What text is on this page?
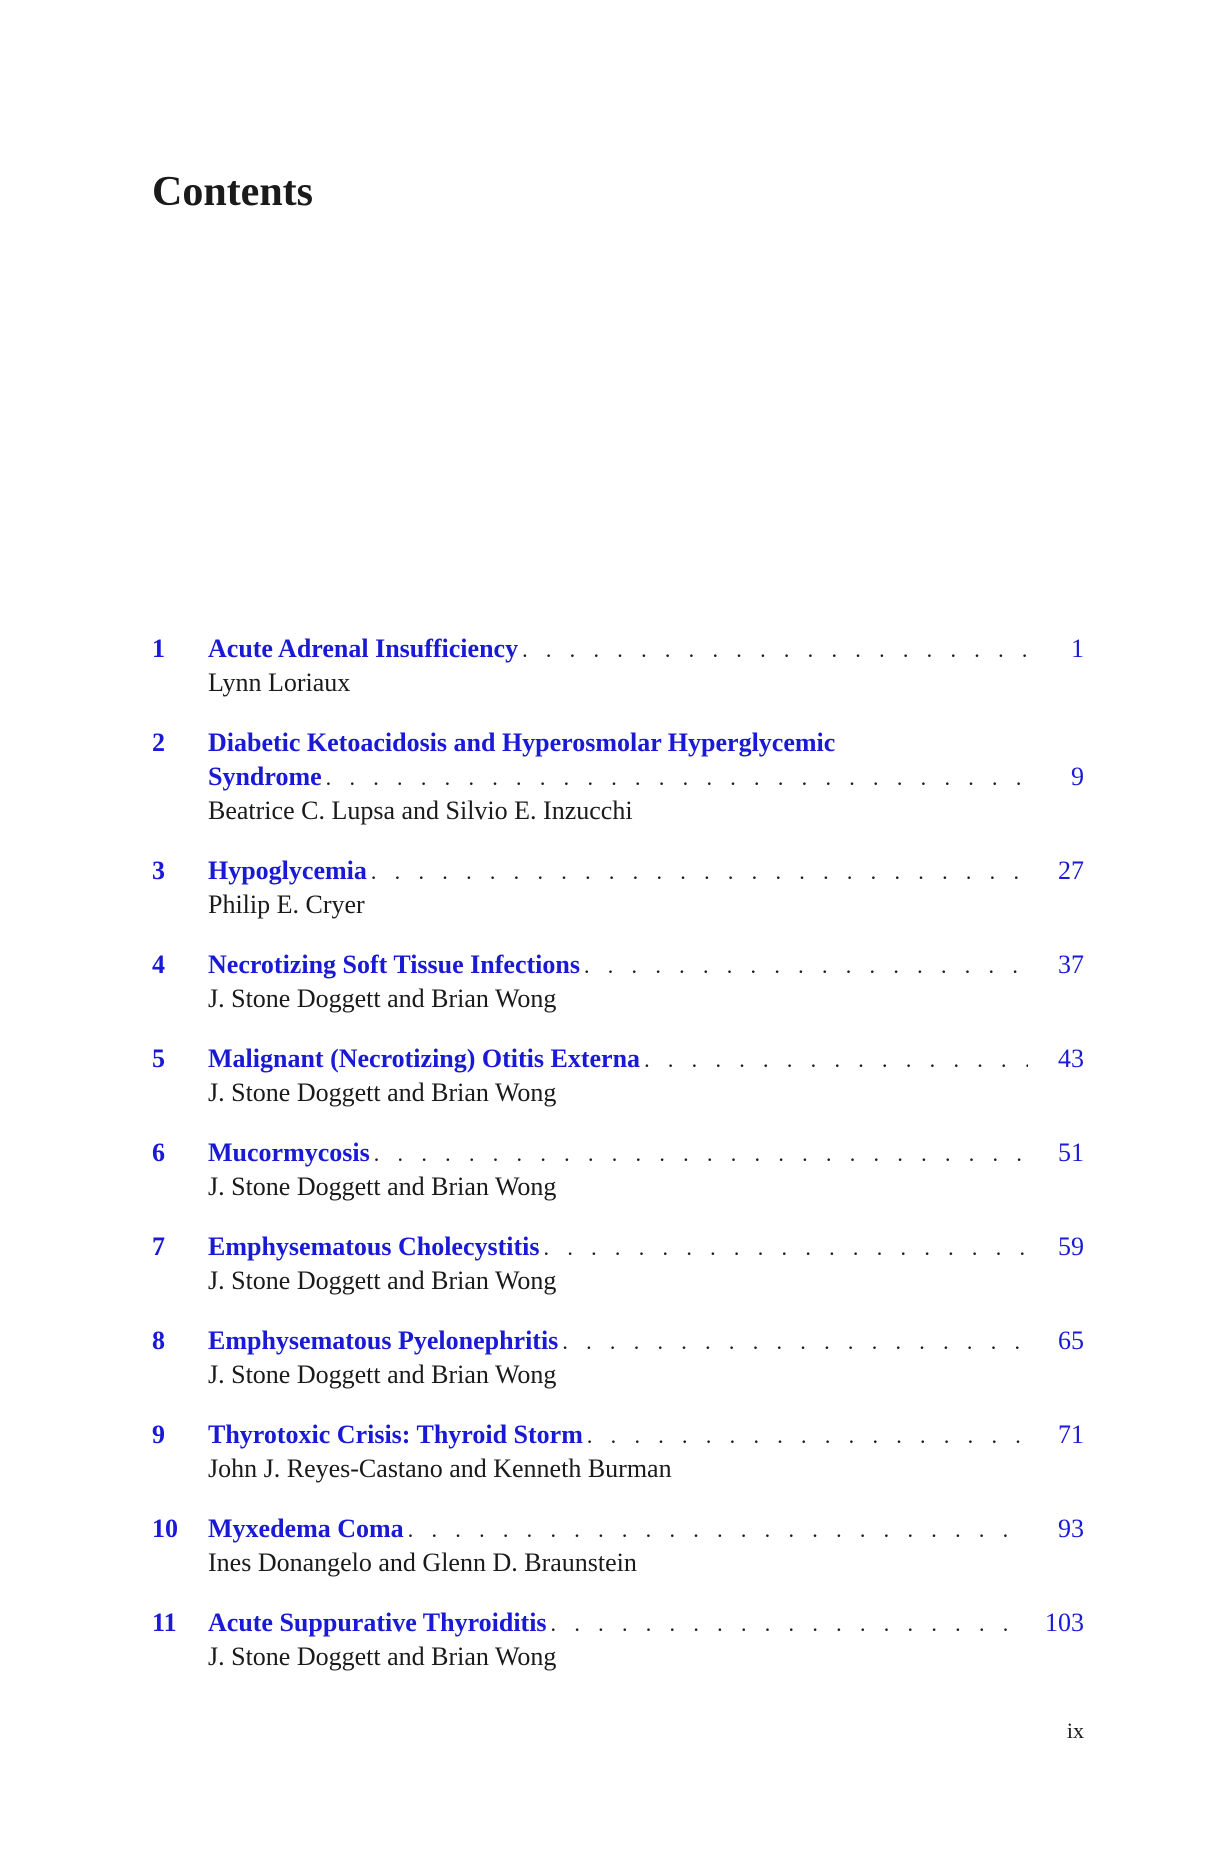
Contents
1	Acute Adrenal Insufficiency . . .	1
Lynn Loriaux
2	Diabetic Ketoacidosis and Hyperosmolar Hyperglycemic
Syndrome . . .	9
Beatrice C. Lupsa and Silvio E. Inzucchi
3	Hypoglycemia . . .	27
Philip E. Cryer
4	Necrotizing Soft Tissue Infections . . .	37
J. Stone Doggett and Brian Wong
5	Malignant (Necrotizing) Otitis Externa . . .	43
J. Stone Doggett and Brian Wong
6	Mucormycosis . . .	51
J. Stone Doggett and Brian Wong
7	Emphysematous Cholecystitis . . .	59
J. Stone Doggett and Brian Wong
8	Emphysematous Pyelonephritis . . .	65
J. Stone Doggett and Brian Wong
9	Thyrotoxic Crisis: Thyroid Storm . . .	71
John J. Reyes-Castano and Kenneth Burman
10	Myxedema Coma . . .	93
Ines Donangelo and Glenn D. Braunstein
11	Acute Suppurative Thyroiditis . . .	103
J. Stone Doggett and Brian Wong
ix
